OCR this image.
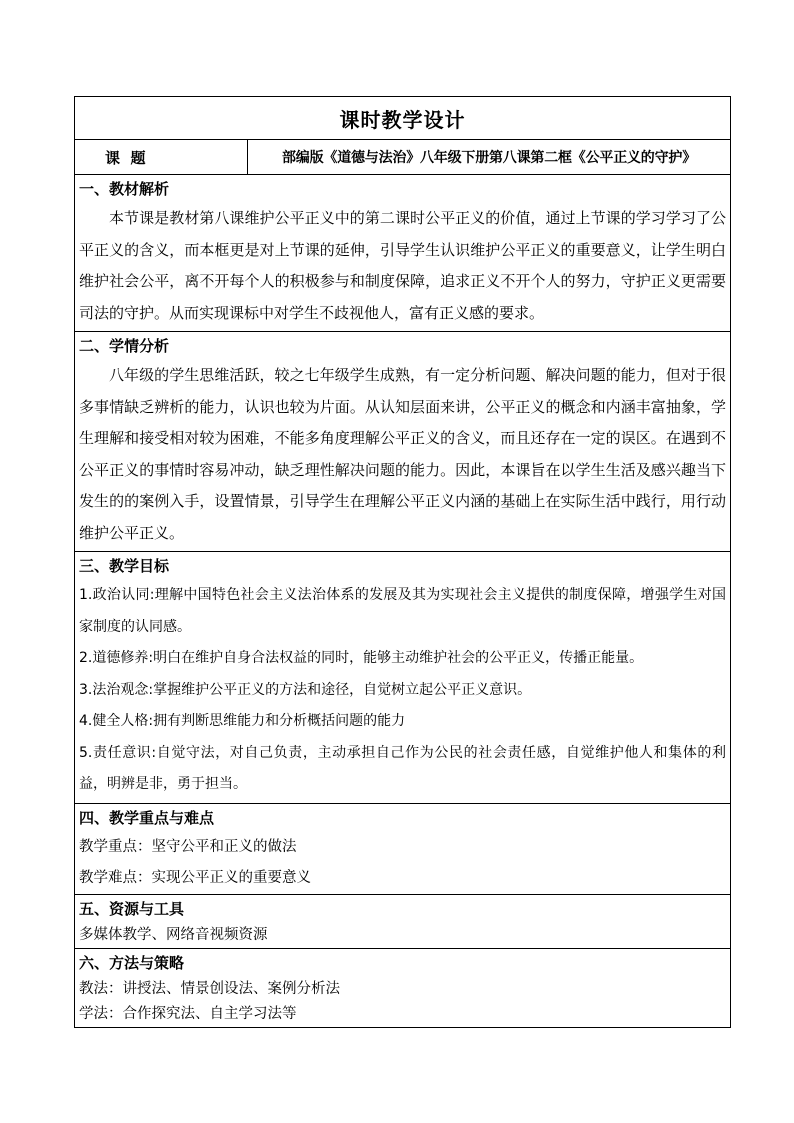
课时教学设计
课  题	部编版《道德与法治》八年级下册第八课第二框《公平正义的守护》

一、教材解析

本节课是教材第八课维护公平正义中的第二课时公平正义的价值，通过上节课的学习学习了公平正义的含义，而本框更是对上节课的延伸，引导学生认识维护公平正义的重要意义，让学生明白维护社会公平，离不开每个人的积极参与和制度保障，追求正义不开个人的努力，守护正义更需要司法的守护。从而实现课标中对学生不歧视他人，富有正义感的要求。

二、学情分析

八年级的学生思维活跃，较之七年级学生成熟，有一定分析问题、解决问题的能力，但对于很多事情缺乏辨析的能力，认识也较为片面。从认知层面来讲，公平正义的概念和内涵丰富抽象，学生理解和接受相对较为困难，不能多角度理解公平正义的含义，而且还存在一定的误区。在遇到不公平正义的事情时容易冲动，缺乏理性解决问题的能力。因此，本课旨在以学生生活及感兴趣当下发生的的案例入手，设置情景，引导学生在理解公平正义内涵的基础上在实际生活中践行，用行动维护公平正义。

三、教学目标

1.政治认同:理解中国特色社会主义法治体系的发展及其为实现社会主义提供的制度保障，增强学生对国家制度的认同感。

2.道德修养:明白在维护自身合法权益的同时，能够主动维护社会的公平正义，传播正能量。

3.法治观念:掌握维护公平正义的方法和途径，自觉树立起公平正义意识。

4.健全人格:拥有判断思维能力和分析概括问题的能力

5.责任意识:自觉守法，对自己负责，主动承担自己作为公民的社会责任感，自觉维护他人和集体的利益，明辨是非，勇于担当。

四、教学重点与难点

教学重点：坚守公平和正义的做法

教学难点：实现公平正义的重要意义

五、资源与工具

多媒体教学、网络音视频资源

六、方法与策略

教法：讲授法、情景创设法、案例分析法

学法：合作探究法、自主学习法等
